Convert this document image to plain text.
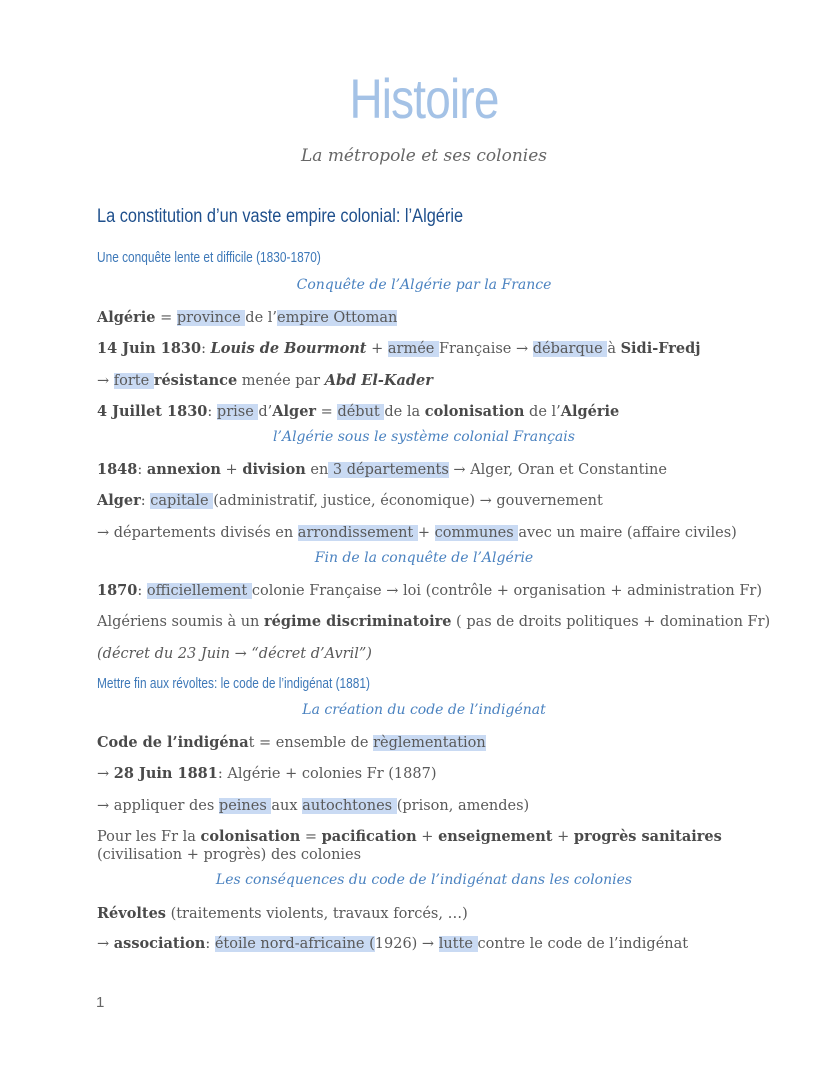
Histoire
La métropole et ses colonies
La constitution d’un vaste empire colonial: l’Algérie
Une conquête lente et difficile (1830-1870)
Conquête de l’Algérie par la France
Algérie = province de l’empire Ottoman
14 Juin 1830: Louis de Bourmont + armée Française → débarque à Sidi-Fredj
→ forte résistance menée par Abd El-Kader
4 Juillet 1830: prise d’Alger = début de la colonisation de l’Algérie
l’Algérie sous le système colonial Français
1848: annexion + division en 3 départements → Alger, Oran et Constantine
Alger: capitale (administratif, justice, économique) → gouvernement
→ départements divisés en arrondissement + communes avec un maire (affaire civiles)
Fin de la conquête de l’Algérie
1870: officiellement colonie Française → loi (contrôle + organisation + administration Fr)
Algériens soumis à un régime discriminatoire ( pas de droits politiques + domination Fr)
(décret du 23 Juin → “décret d’Avril”)
Mettre fin aux révoltes: le code de l’indigénat (1881)
La création du code de l’indigénat
Code de l’indigénat = ensemble de règlementation
→ 28 Juin 1881: Algérie + colonies Fr (1887)
→ appliquer des peines aux autochtones (prison, amendes)
Pour les Fr la colonisation = pacification + enseignement + progrès sanitaires
(civilisation + progrès) des colonies
Les conséquences du code de l’indigénat dans les colonies
Révoltes (traitements violents, travaux forcés, …)
→ association: étoile nord-africaine (1926) → lutte contre le code de l’indigénat
1
